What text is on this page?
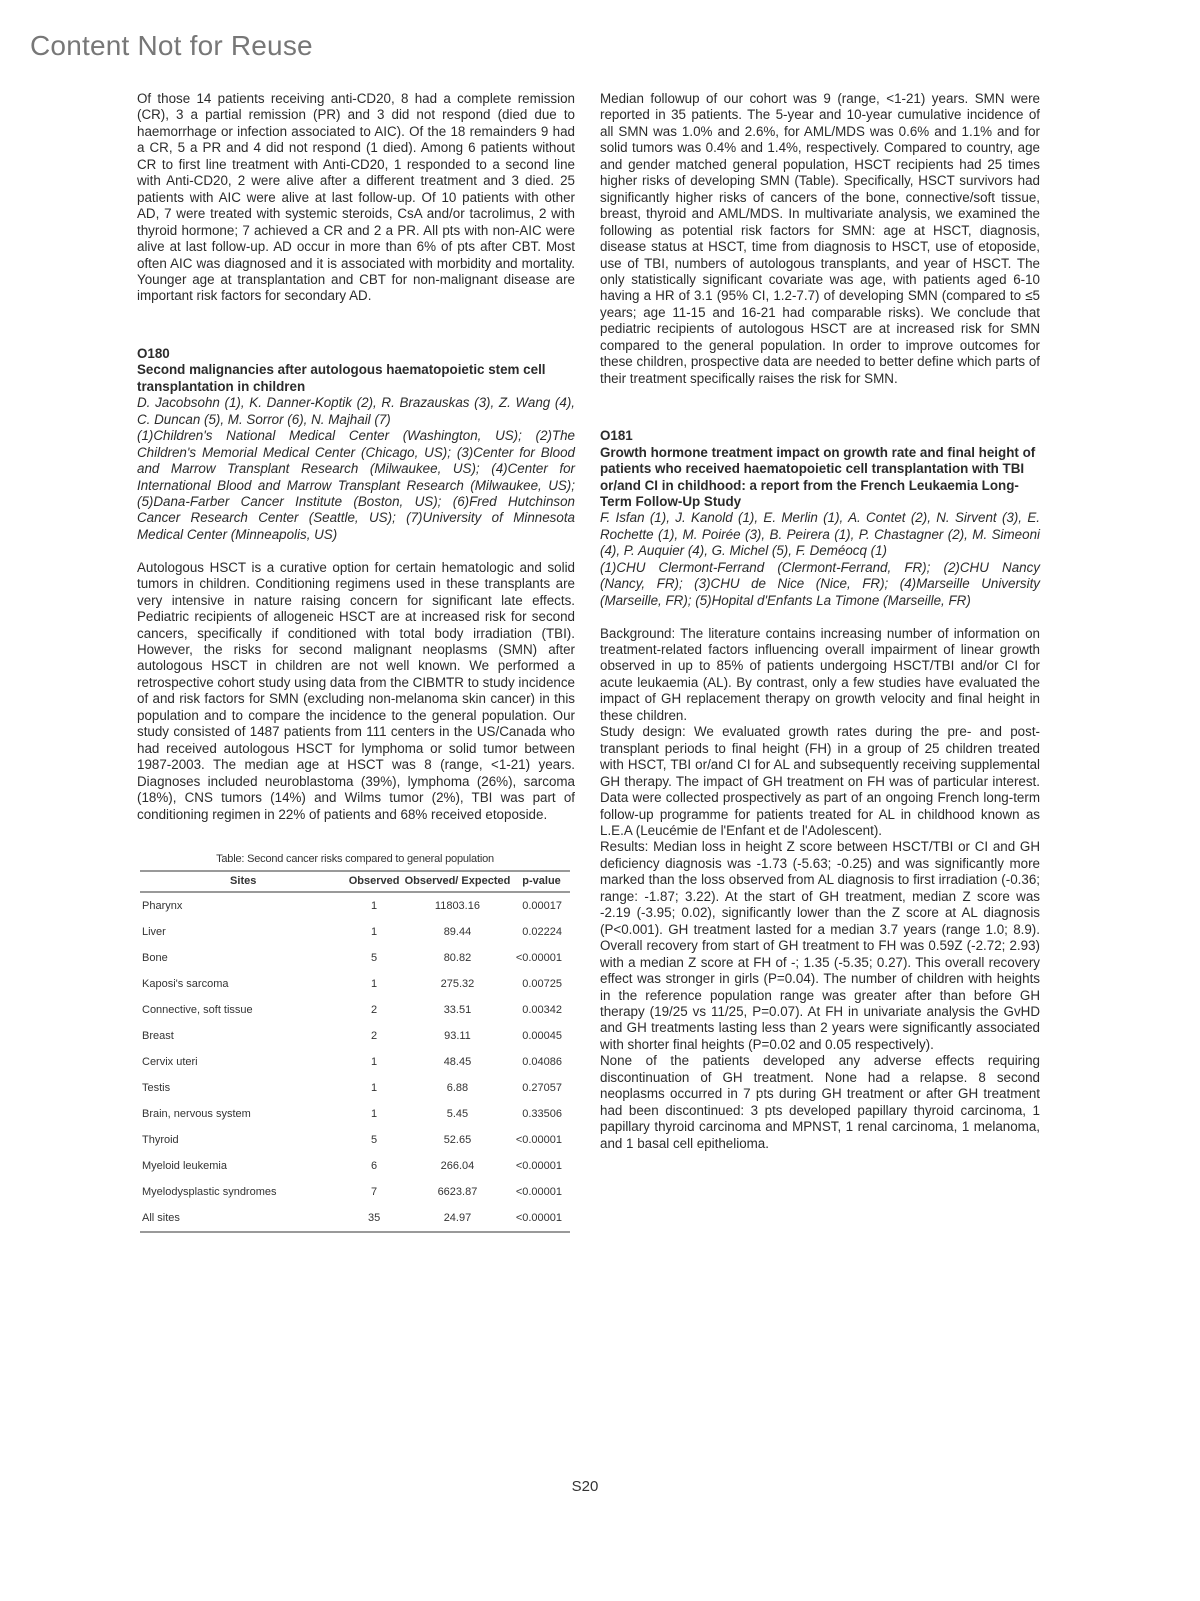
Content Not for Reuse

Of those 14 patients receiving anti-CD20, 8 had a complete remission (CR), 3 a partial remission (PR) and 3 did not respond (died due to haemorrhage or infection associated to AIC). Of the 18 remainders 9 had a CR, 5 a PR and 4 did not respond (1 died). Among 6 patients without CR to first line treatment with Anti-CD20, 1 responded to a second line with Anti-CD20, 2 were alive after a different treatment and 3 died. 25 patients with AIC were alive at last follow-up. Of 10 patients with other AD, 7 were treated with systemic steroids, CsA and/or tacrolimus, 2 with thyroid hormone; 7 achieved a CR and 2 a PR. All pts with non-AIC were alive at last follow-up. AD occur in more than 6% of pts after CBT. Most often AIC was diagnosed and it is associated with morbidity and mortality. Younger age at transplantation and CBT for non-malignant disease are important risk factors for secondary AD.

O180
Second malignancies after autologous haematopoietic stem cell transplantation in children
D. Jacobsohn (1), K. Danner-Koptik (2), R. Brazauskas (3), Z. Wang (4), C. Duncan (5), M. Sorror (6), N. Majhail (7)
(1)Children's National Medical Center (Washington, US); (2)The Children's Memorial Medical Center (Chicago, US); (3)Center for Blood and Marrow Transplant Research (Milwaukee, US); (4)Center for International Blood and Marrow Transplant Research (Milwaukee, US); (5)Dana-Farber Cancer Institute (Boston, US); (6)Fred Hutchinson Cancer Research Center (Seattle, US); (7)University of Minnesota Medical Center (Minneapolis, US)

Autologous HSCT is a curative option for certain hematologic and solid tumors in children. Conditioning regimens used in these transplants are very intensive in nature raising concern for significant late effects. Pediatric recipients of allogeneic HSCT are at increased risk for second cancers, specifically if conditioned with total body irradiation (TBI). However, the risks for second malignant neoplasms (SMN) after autologous HSCT in children are not well known. We performed a retrospective cohort study using data from the CIBMTR to study incidence of and risk factors for SMN (excluding non-melanoma skin cancer) in this population and to compare the incidence to the general population. Our study consisted of 1487 patients from 111 centers in the US/Canada who had received autologous HSCT for lymphoma or solid tumor between 1987-2003. The median age at HSCT was 8 (range, <1-21) years. Diagnoses included neuroblastoma (39%), lymphoma (26%), sarcoma (18%), CNS tumors (14%) and Wilms tumor (2%), TBI was part of conditioning regimen in 22% of patients and 68% received etoposide.

Table: Second cancer risks compared to general population
Sites	Observed	Observed/ Expected	p-value
Pharynx	1	11803.16	0.00017
Liver	1	89.44	0.02224
Bone	5	80.82	<0.00001
Kaposi's sarcoma	1	275.32	0.00725
Connective, soft tissue	2	33.51	0.00342
Breast	2	93.11	0.00045
Cervix uteri	1	48.45	0.04086
Testis	1	6.88	0.27057
Brain, nervous system	1	5.45	0.33506
Thyroid	5	52.65	<0.00001
Myeloid leukemia	6	266.04	<0.00001
Myelodysplastic syndromes	7	6623.87	<0.00001
All sites	35	24.97	<0.00001

Median followup of our cohort was 9 (range, <1-21) years. SMN were reported in 35 patients. The 5-year and 10-year cumulative incidence of all SMN was 1.0% and 2.6%, for AML/MDS was 0.6% and 1.1% and for solid tumors was 0.4% and 1.4%, respectively. Compared to country, age and gender matched general population, HSCT recipients had 25 times higher risks of developing SMN (Table). Specifically, HSCT survivors had significantly higher risks of cancers of the bone, connective/soft tissue, breast, thyroid and AML/MDS. In multivariate analysis, we examined the following as potential risk factors for SMN: age at HSCT, diagnosis, disease status at HSCT, time from diagnosis to HSCT, use of etoposide, use of TBI, numbers of autologous transplants, and year of HSCT. The only statistically significant covariate was age, with patients aged 6-10 having a HR of 3.1 (95% CI, 1.2-7.7) of developing SMN (compared to ≤5 years; age 11-15 and 16-21 had comparable risks). We conclude that pediatric recipients of autologous HSCT are at increased risk for SMN compared to the general population. In order to improve outcomes for these children, prospective data are needed to better define which parts of their treatment specifically raises the risk for SMN.

O181
Growth hormone treatment impact on growth rate and final height of patients who received haematopoietic cell transplantation with TBI or/and CI in childhood: a report from the French Leukaemia Long-Term Follow-Up Study
F. Isfan (1), J. Kanold (1), E. Merlin (1), A. Contet (2), N. Sirvent (3), E. Rochette (1), M. Poirée (3), B. Peirera (1), P. Chastagner (2), M. Simeoni (4), P. Auquier (4), G. Michel (5), F. Deméocq (1)
(1)CHU Clermont-Ferrand (Clermont-Ferrand, FR); (2)CHU Nancy (Nancy, FR); (3)CHU de Nice (Nice, FR); (4)Marseille University (Marseille, FR); (5)Hopital d'Enfants La Timone (Marseille, FR)

Background: The literature contains increasing number of information on treatment-related factors influencing overall impairment of linear growth observed in up to 85% of patients undergoing HSCT/TBI and/or CI for acute leukaemia (AL). By contrast, only a few studies have evaluated the impact of GH replacement therapy on growth velocity and final height in these children.

Study design: We evaluated growth rates during the pre- and post-transplant periods to final height (FH) in a group of 25 children treated with HSCT, TBI or/and CI for AL and subsequently receiving supplemental GH therapy. The impact of GH treatment on FH was of particular interest. Data were collected prospectively as part of an ongoing French long-term follow-up programme for patients treated for AL in childhood known as L.E.A (Leucémie de l'Enfant et de l'Adolescent).

Results: Median loss in height Z score between HSCT/TBI or CI and GH deficiency diagnosis was -1.73 (-5.63; -0.25) and was significantly more marked than the loss observed from AL diagnosis to first irradiation (-0.36; range: -1.87; 3.22). At the start of GH treatment, median Z score was -2.19 (-3.95; 0.02), significantly lower than the Z score at AL diagnosis (P<0.001). GH treatment lasted for a median 3.7 years (range 1.0; 8.9). Overall recovery from start of GH treatment to FH was 0.59Z (-2.72; 2.93) with a median Z score at FH of -; 1.35 (-5.35; 0.27). This overall recovery effect was stronger in girls (P=0.04). The number of children with heights in the reference population range was greater after than before GH therapy (19/25 vs 11/25, P=0.07). At FH in univariate analysis the GvHD and GH treatments lasting less than 2 years were significantly associated with shorter final heights (P=0.02 and 0.05 respectively).

None of the patients developed any adverse effects requiring discontinuation of GH treatment. None had a relapse. 8 second neoplasms occurred in 7 pts during GH treatment or after GH treatment had been discontinued: 3 pts developed papillary thyroid carcinoma, 1 papillary thyroid carcinoma and MPNST, 1 renal carcinoma, 1 melanoma, and 1 basal cell epithelioma.

S20
